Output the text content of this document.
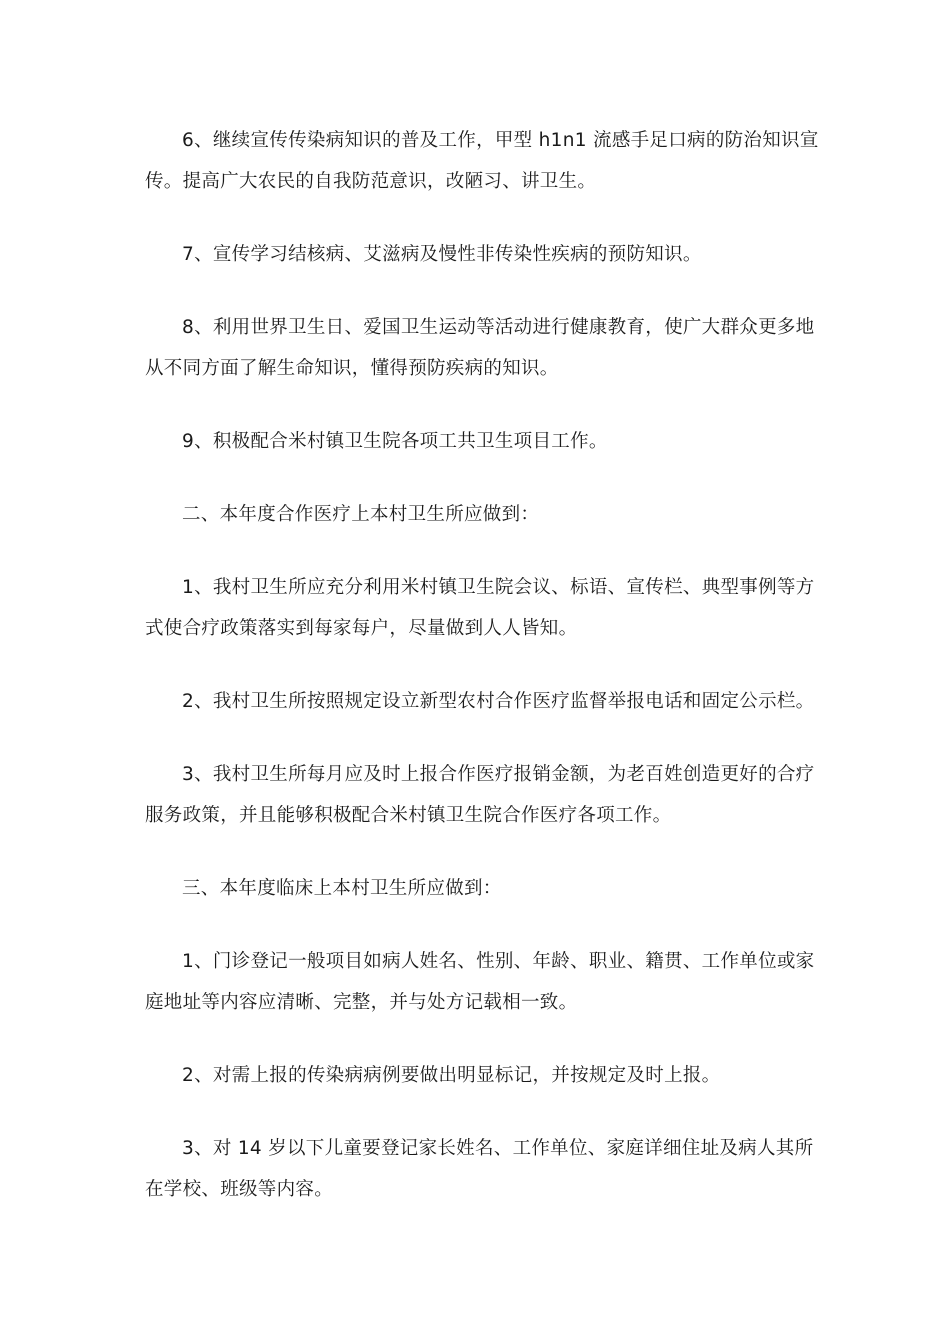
6、继续宣传传染病知识的普及工作，甲型 h1n1 流感手足口病的防治知识宣传。提高广大农民的自我防范意识，改陋习、讲卫生。

7、宣传学习结核病、艾滋病及慢性非传染性疾病的预防知识。

8、利用世界卫生日、爱国卫生运动等活动进行健康教育，使广大群众更多地从不同方面了解生命知识，懂得预防疾病的知识。

9、积极配合米村镇卫生院各项工共卫生项目工作。

二、本年度合作医疗上本村卫生所应做到：

1、我村卫生所应充分利用米村镇卫生院会议、标语、宣传栏、典型事例等方式使合疗政策落实到每家每户，尽量做到人人皆知。

2、我村卫生所按照规定设立新型农村合作医疗监督举报电话和固定公示栏。

3、我村卫生所每月应及时上报合作医疗报销金额，为老百姓创造更好的合疗服务政策，并且能够积极配合米村镇卫生院合作医疗各项工作。

三、本年度临床上本村卫生所应做到：

1、门诊登记一般项目如病人姓名、性别、年龄、职业、籍贯、工作单位或家庭地址等内容应清晰、完整，并与处方记载相一致。

2、对需上报的传染病病例要做出明显标记，并按规定及时上报。

3、对 14 岁以下儿童要登记家长姓名、工作单位、家庭详细住址及病人其所在学校、班级等内容。
